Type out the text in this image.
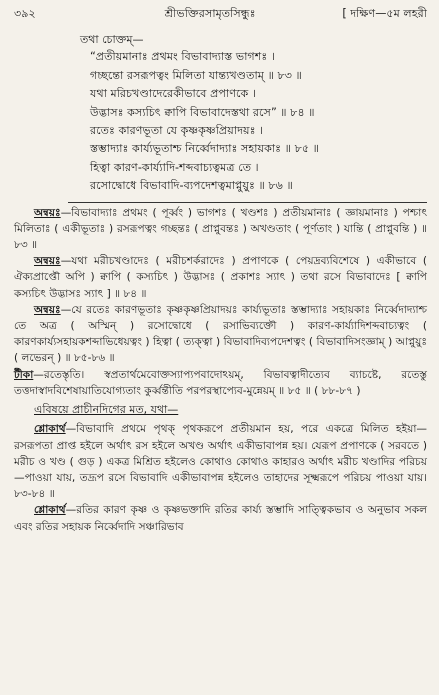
৩৯২	শ্রীভক্তিরসামৃতসিন্ধুঃ	[ দক্ষিণ—৫ম লহরী
তথা চোক্তম্—
“প্রতীয়মানাঃ প্রথমং বিভাবাদ্যাস্ত ভাগশঃ ।
গচ্ছন্তো রসরূপত্বং মিলিতা যান্ত্যখণ্ডতাম্ ॥ ৮৩ ॥
যথা মরিচখণ্ডাদেরেকীভাবে প্রপাণকে ।
উদ্ভাসঃ কস্যচিৎ ক্বাপি বিভাবাদেস্তথা রসে” ॥ ৮৪ ॥
রতেঃ কারণভূতা যে কৃষ্ণকৃষ্ণপ্রিয়াদয়ঃ ।
স্তম্ভাদ্যাঃ কার্য্যভূতাশ্চ নির্ব্বেদাদ্যাঃ সহায়কাঃ ॥ ৮৫ ॥
হিত্বা কারণ-কার্য্যাদি-শব্দবাচ্যত্বমত্র তে ।
রসোদ্বোধে বিভাবাদি-ব্যপদেশত্বমাপ্নুয়ুঃ ॥ ৮৬ ॥

অন্বয়ঃ—বিভাবাদ্যাঃ প্রথমং ( পূর্ব্বং ) ভাগশঃ ( খণ্ডশঃ ) প্রতীয়মানাঃ ( জ্ঞায়মানাঃ ) পশ্চাৎ মিলিতাঃ ( একীভূতাঃ ) রসরূপত্বং গচ্ছন্তঃ ( প্রাপ্নুবন্তঃ ) অখণ্ডতাং ( পূর্ণতাং ) যান্তি ( প্রাপ্নুবন্তি ) ॥ ৮৩ ॥

অন্বয়ঃ—যথা মরীচখণ্ডাদেঃ ( মরীচশর্করাদেঃ ) প্রপাণকে ( পেয়দ্রব্যবিশেষে ) একীভাবে ( ঐক্যপ্রাপ্তৌ অপি ) ক্বাপি ( কস্যচিৎ ) উদ্ভাসঃ ( প্রকাশঃ স্যাৎ ) তথা রসে বিভাবাদেঃ [ ক্বাপি কস্যচিৎ উদ্ভাসঃ স্যাৎ ] ॥ ৮৪ ॥

অন্বয়ঃ—যে রতেঃ কারণভূতাঃ কৃষ্ণকৃষ্ণপ্রিয়াদয়ঃ কার্য্যভূতাঃ স্তম্ভাদ্যাঃ সহায়কাঃ নির্ব্বেদাদ্যাশ্চ তে অত্র ( অস্মিন্ ) রসোদ্বোধে ( রসাভিব্যক্তৌ ) কারণ-কার্য্যাদিশব্দবাচ্যত্বং ( কারণকার্য্যসহায়কশব্দাভিধেয়ত্বং ) হিত্বা ( ত্যক্ত্বা ) বিভাবাদিব্যপদেশত্বং ( বিভাবাদিসংজ্ঞাম্ ) আপ্নুয়ুঃ ( লভেরন্ ) ॥ ৮৫-৮৬ ॥

টীকা—রতেস্তৃতি। স্বপ্রতার্থমেবোক্তস্যাপ্যপবাদোঽয়ম্, বিভাবত্বাদীত্যেব ব্যাচষ্টে, রতেস্তু তত্তদাস্বাদবিশেষায়াতিযোগ্যতাং কুর্ব্বন্তীতি পরপরস্থাপ্যেব-মুন্নেয়ম্ ॥ ৮৫ ॥ ( ৮৮-৮৭ )

এবিষয়ে প্রাচীনদিগের মত, যথা—

শ্লোকার্থ—বিভাবাদি প্রথমে পৃথক্ পৃথকরূপে প্রতীয়মান হয়, পরে একত্রে মিলিত হইয়া—রসরূপতা প্রাপ্ত হইলে অর্থাৎ রস হইলে অখণ্ড অর্থাৎ একীভাবাপন্ন হয়। যেরূপ প্রপাণকে ( সরবতে ) মরীচ ও খণ্ড ( গুড় ) একত্র মিশ্রিত হইলেও কোথাও কোথাও কাহারও অর্থাৎ মরীচ খণ্ডাদির পরিচয়—পাওয়া যায়, তদ্রূপ রসে বিভাবাদি একীভাবাপন্ন হইলেও তাহাদের সূক্ষ্মরূপে পরিচয় পাওয়া যায়। ৮৩-৮৪ ॥

শ্লোকার্থ—রতির কারণ কৃষ্ণ ও কৃষ্ণভক্তাদি রতির কার্য্য স্তম্ভাদি সাত্ত্বিকভাব ও অনুভাব সকল এবং রতির সহায়ক নির্ব্বেদাদি সঞ্চারিভাব
